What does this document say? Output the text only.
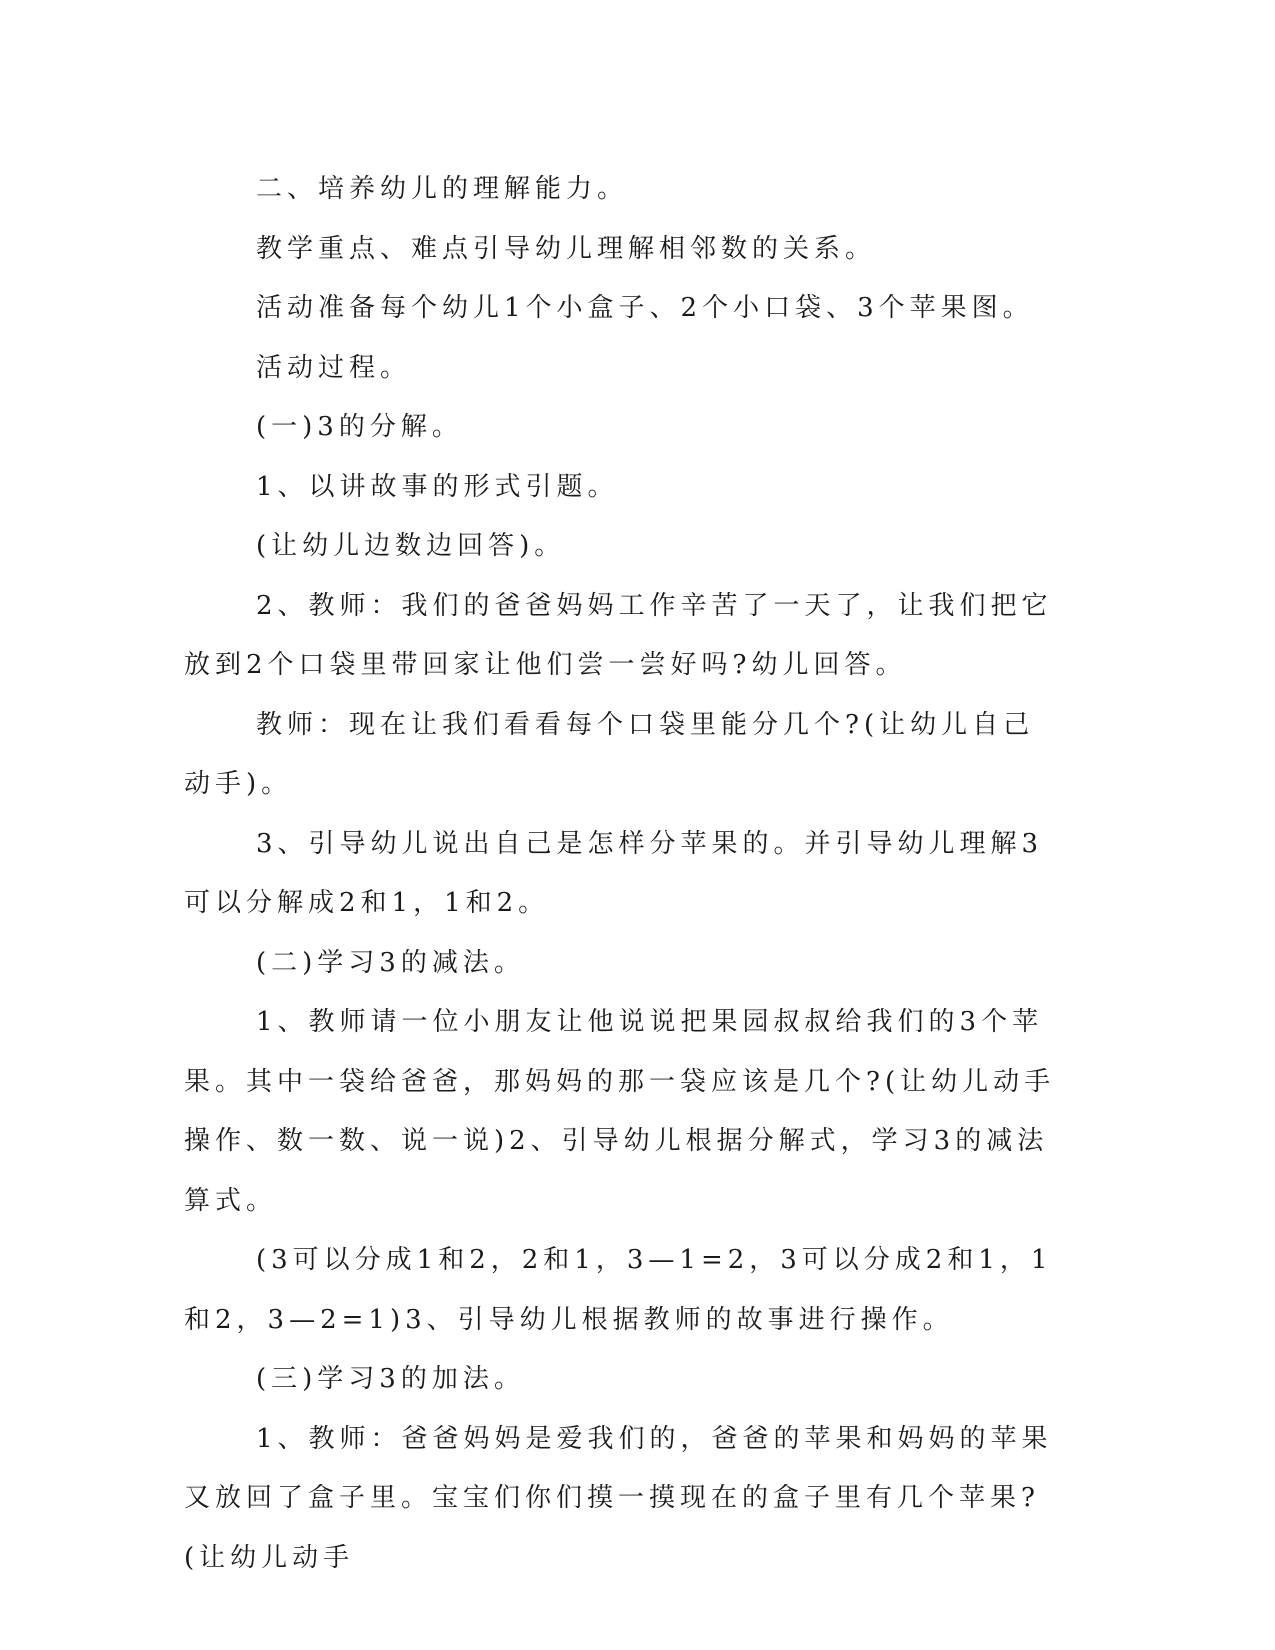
二、培养幼儿的理解能力。

教学重点、难点引导幼儿理解相邻数的关系。

活动准备每个幼儿1个小盒子、2个小口袋、3个苹果图。

活动过程。

(一)3的分解。

1、以讲故事的形式引题。

(让幼儿边数边回答)。

2、教师：我们的爸爸妈妈工作辛苦了一天了，让我们把它放到2个口袋里带回家让他们尝一尝好吗?幼儿回答。

教师：现在让我们看看每个口袋里能分几个?(让幼儿自己动手)。

3、引导幼儿说出自己是怎样分苹果的。并引导幼儿理解3可以分解成2和1，1和2。

(二)学习3的减法。

1、教师请一位小朋友让他说说把果园叔叔给我们的3个苹果。其中一袋给爸爸，那妈妈的那一袋应该是几个?(让幼儿动手操作、数一数、说一说)2、引导幼儿根据分解式，学习3的减法算式。

(3可以分成1和2，2和1，3—1=2，3可以分成2和1，1和2，3—2=1)3、引导幼儿根据教师的故事进行操作。

(三)学习3的加法。

1、教师：爸爸妈妈是爱我们的，爸爸的苹果和妈妈的苹果又放回了盒子里。宝宝们你们摸一摸现在的盒子里有几个苹果?(让幼儿动手
